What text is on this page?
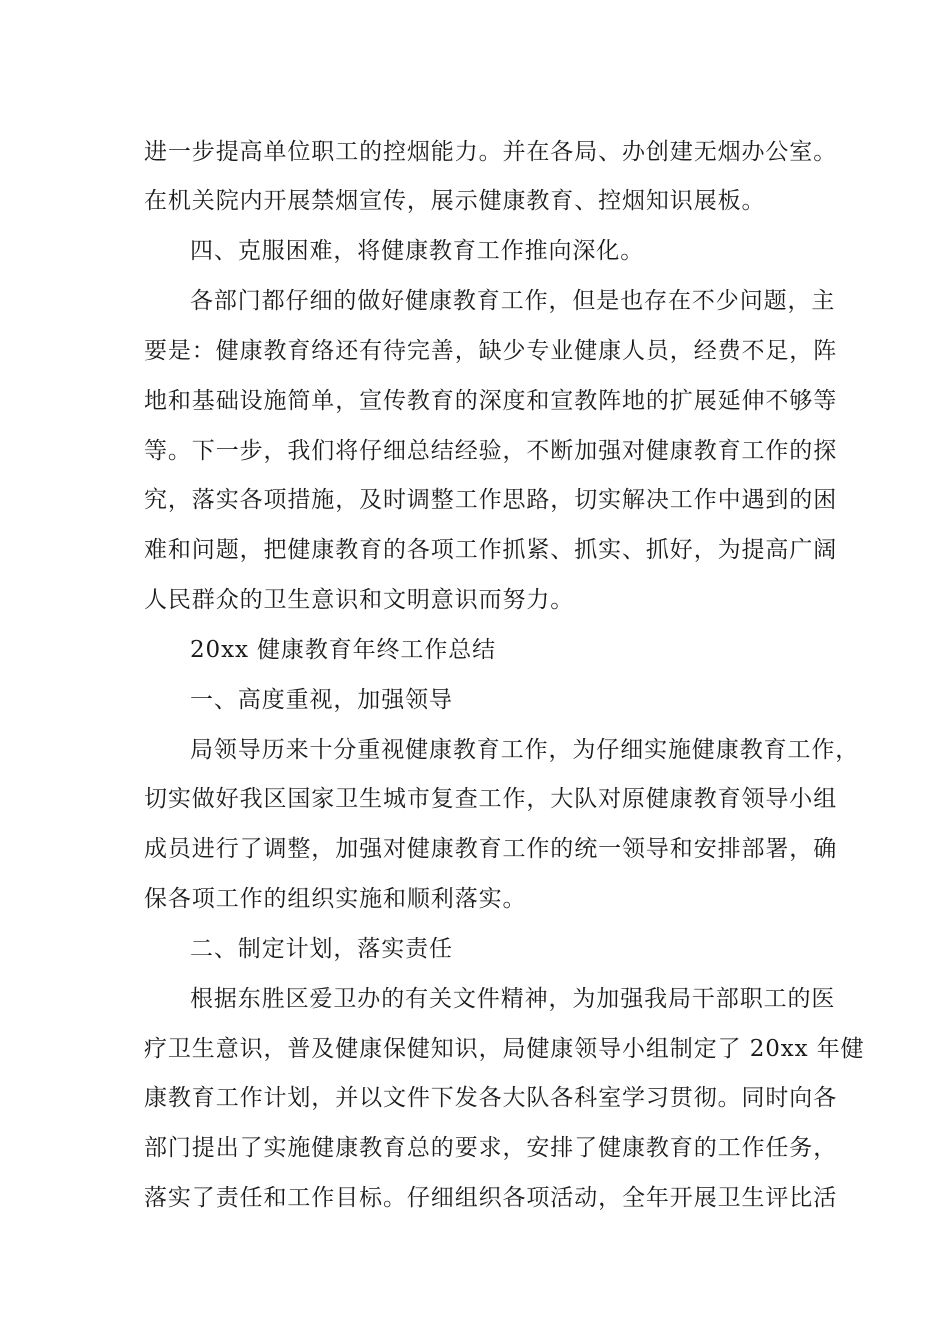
进一步提高单位职工的控烟能力。并在各局、办创建无烟办公室。
在机关院内开展禁烟宣传，展示健康教育、控烟知识展板。
四、克服困难，将健康教育工作推向深化。
各部门都仔细的做好健康教育工作，但是也存在不少问题，主
要是：健康教育络还有待完善，缺少专业健康人员，经费不足，阵
地和基础设施简单，宣传教育的深度和宣教阵地的扩展延伸不够等
等。下一步，我们将仔细总结经验，不断加强对健康教育工作的探
究，落实各项措施，及时调整工作思路，切实解决工作中遇到的困
难和问题，把健康教育的各项工作抓紧、抓实、抓好，为提高广阔
人民群众的卫生意识和文明意识而努力。
20xx 健康教育年终工作总结
一、高度重视，加强领导
局领导历来十分重视健康教育工作，为仔细实施健康教育工作，
切实做好我区国家卫生城市复查工作，大队对原健康教育领导小组
成员进行了调整，加强对健康教育工作的统一领导和安排部署，确
保各项工作的组织实施和顺利落实。
二、制定计划，落实责任
根据东胜区爱卫办的有关文件精神，为加强我局干部职工的医
疗卫生意识，普及健康保健知识，局健康领导小组制定了 20xx 年健
康教育工作计划，并以文件下发各大队各科室学习贯彻。同时向各
部门提出了实施健康教育总的要求，安排了健康教育的工作任务，
落实了责任和工作目标。仔细组织各项活动，全年开展卫生评比活
